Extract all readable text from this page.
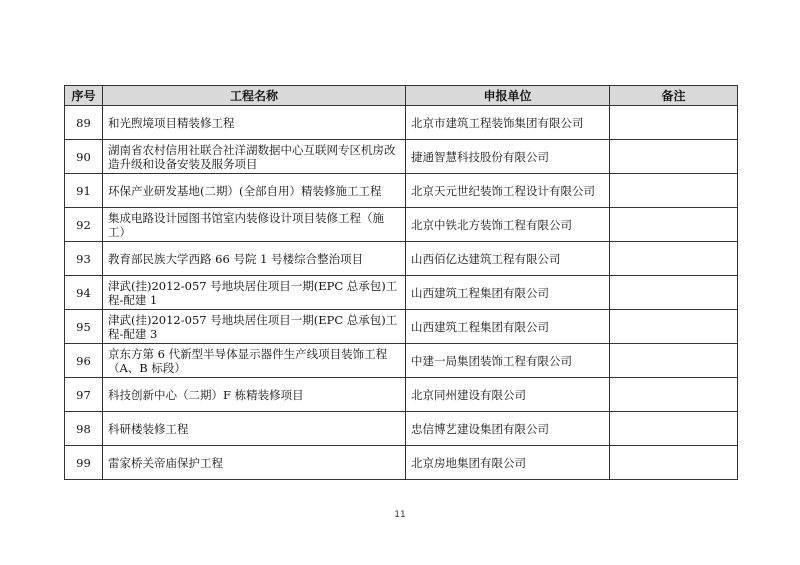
序号	工程名称	申报单位	备注
89	和光煦境项目精装修工程	北京市建筑工程装饰集团有限公司	
90	湖南省农村信用社联合社洋湖数据中心互联网专区机房改造升级和设备安装及服务项目	捷通智慧科技股份有限公司	
91	环保产业研发基地(二期）(全部自用）精装修施工工程	北京天元世纪装饰工程设计有限公司	
92	集成电路设计园图书馆室内装修设计项目装修工程（施工）	北京中铁北方装饰工程有限公司	
93	教育部民族大学西路 66 号院 1 号楼综合整治项目	山西佰亿达建筑工程有限公司	
94	津武(挂)2012-057 号地块居住项目一期(EPC 总承包)工程-配建 1	山西建筑工程集团有限公司	
95	津武(挂)2012-057 号地块居住项目一期(EPC 总承包)工程-配建 3	山西建筑工程集团有限公司	
96	京东方第 6 代新型半导体显示器件生产线项目装饰工程（A、B 标段）	中建一局集团装饰工程有限公司	
97	科技创新中心（二期）F 栋精装修项目	北京同州建设有限公司	
98	科研楼装修工程	忠信博艺建设集团有限公司	
99	雷家桥关帝庙保护工程	北京房地集团有限公司	
11
